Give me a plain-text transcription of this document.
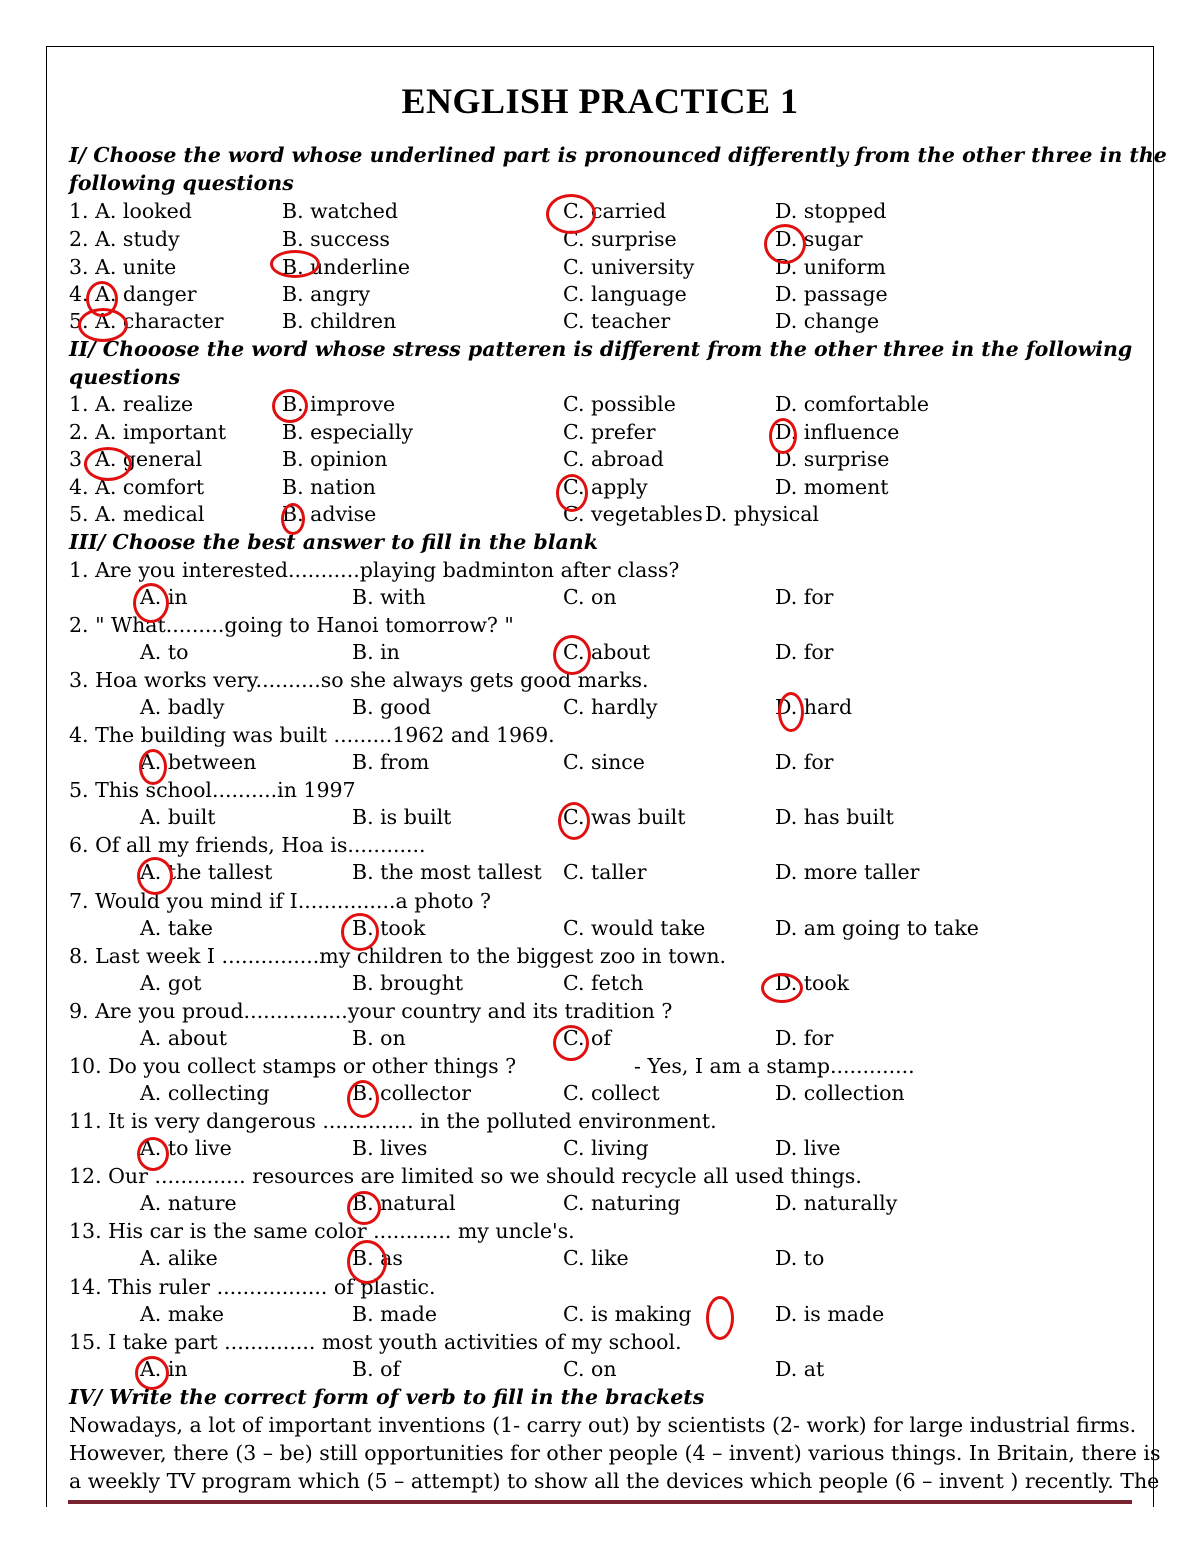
ENGLISH PRACTICE 1
I/ Choose the word whose underlined part is pronounced differently from the other three in the
following questions
1. A. looked	B. watched	C. carried	D. stopped
2. A. study	B. success	C. surprise	D. sugar
3. A. unite	B. underline	C. university	D. uniform
4. A. danger	B. angry	C. language	D. passage
5. A. character	B. children	C. teacher	D. change
II/ Chooose the word whose stress patteren is different from the other three in the following
questions
1. A. realize	B. improve	C. possible	D. comfortable
2. A. important	B. especially	C. prefer	D. influence
3. A. general	B. opinion	C. abroad	D. surprise
4. A. comfort	B. nation	C. apply	D. moment
5. A. medical	B. advise	C. vegetables D. physical
III/ Choose the best answer to fill in the blank
1. Are you interested...........playing badminton after class?
A. in	B. with	C. on	D. for
2. " What.........going to Hanoi tomorrow? "
A. to	B. in	C. about	D. for
3. Hoa works very..........so she always gets good marks.
A. badly	B. good	C. hardly	D. hard
4. The building was built .........1962 and 1969.
A. between	B. from	C. since	D. for
5. This school..........in 1997
A. built	B. is built	C. was built	D. has built
6. Of all my friends, Hoa is............
A. the tallest	B. the most tallest C. taller	D. more taller
7. Would you mind if I...............a photo ?
A. take	B. took	C. would take	D. am going to take
8. Last week I ...............my children to the biggest zoo in town.
A. got	B. brought	C. fetch	D. took
9. Are you proud................your country and its tradition ?
A. about	B. on	C. of	D. for
10. Do you collect stamps or other things ?	- Yes, I am a stamp.............
A. collecting	B. collector	C. collect	D. collection
11. It is very dangerous .............. in the polluted environment.
A. to live	B. lives	C. living	D. live
12. Our .............. resources are limited so we should recycle all used things.
A. nature	B. natural	C. naturing	D. naturally
13. His car is the same color ............ my uncle's.
A. alike	B. as	C. like	D. to
14. This ruler ................. of plastic.
A. make	B. made	C. is making	D. is made
15. I take part .............. most youth activities of my school.
A. in	B. of	C. on	D. at
IV/ Write the correct form of verb to fill in the brackets
Nowadays, a lot of important inventions (1- carry out) by scientists (2- work) for large industrial firms.
However, there (3 – be) still opportunities for other people (4 – invent) various things. In Britain, there is
a weekly TV program which (5 – attempt) to show all the devices which people (6 – invent ) recently. The
